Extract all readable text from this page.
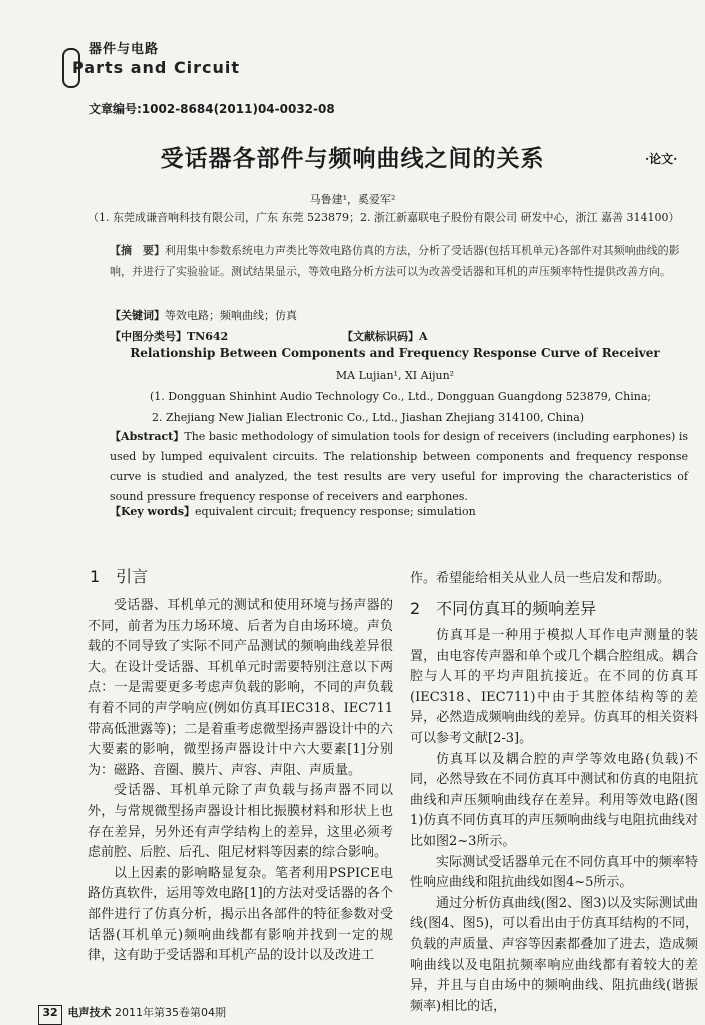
器件与电路
Parts and Circuit
文章编号:1002-8684(2011)04-0032-08
受话器各部件与频响曲线之间的关系	·论文·
马鲁建¹，奚爱军²
（1. 东莞成谦音响科技有限公司，广东 东莞 523879；2. 浙江新嘉联电子股份有限公司 研发中心，浙江 嘉善 314100）
【摘　要】利用集中参数系统电力声类比等效电路仿真的方法，分析了受话器(包括耳机单元)各部件对其频响曲线的影响，并进行了实验验证。测试结果显示，等效电路分析方法可以为改善受话器和耳机的声压频率特性提供改善方向。
【关键词】等效电路；频响曲线；仿真
【中图分类号】TN642	【文献标识码】A
Relationship Between Components and Frequency Response Curve of Receiver
MA Lujian¹, XI Aijun²
(1. Dongguan Shinhint Audio Technology Co., Ltd., Dongguan Guangdong 523879, China;
2. Zhejiang New Jialian Electronic Co., Ltd., Jiashan Zhejiang 314100, China)
【Abstract】The basic methodology of simulation tools for design of receivers (including earphones) is used by lumped equivalent circuits. The relationship between components and frequency response curve is studied and analyzed, the test results are very useful for improving the characteristics of sound pressure frequency response of receivers and earphones.
【Key words】equivalent circuit; frequency response; simulation
1　引言

受话器、耳机单元的测试和使用环境与扬声器的不同，前者为压力场环境、后者为自由场环境。声负载的不同导致了实际不同产品测试的频响曲线差异很大。在设计受话器、耳机单元时需要特别注意以下两点：一是需要更多考虑声负载的影响，不同的声负载有着不同的声学响应(例如仿真耳IEC318、IEC711带高低泄露等)；二是着重考虑微型扬声器设计中的六大要素的影响，微型扬声器设计中六大要素[1]分别为：磁路、音圈、膜片、声容、声阻、声质量。

受话器、耳机单元除了声负载与扬声器不同以外，与常规微型扬声器设计相比振膜材料和形状上也存在差异，另外还有声学结构上的差异，这里必须考虑前腔、后腔、后孔、阻尼材料等因素的综合影响。

以上因素的影响略显复杂。笔者利用PSPICE电路仿真软件，运用等效电路[1]的方法对受话器的各个部件进行了仿真分析，揭示出各部件的特征参数对受话器(耳机单元)频响曲线都有影响并找到一定的规律，这有助于受话器和耳机产品的设计以及改进工

作。希望能给相关从业人员一些启发和帮助。
2　不同仿真耳的频响差异

仿真耳是一种用于模拟人耳作电声测量的装置，由电容传声器和单个或几个耦合腔组成。耦合腔与人耳的平均声阻抗接近。在不同的仿真耳(IEC318、IEC711)中由于其腔体结构等的差异，必然造成频响曲线的差异。仿真耳的相关资料可以参考文献[2-3]。

仿真耳以及耦合腔的声学等效电路(负载)不同，必然导致在不同仿真耳中测试和仿真的电阻抗曲线和声压频响曲线存在差异。利用等效电路(图1)仿真不同仿真耳的声压频响曲线与电阻抗曲线对比如图2~3所示。

实际测试受话器单元在不同仿真耳中的频率特性响应曲线和阻抗曲线如图4~5所示。

通过分析仿真曲线(图2、图3)以及实际测试曲线(图4、图5)，可以看出由于仿真耳结构的不同，负载的声质量、声容等因素都叠加了进去，造成频响曲线以及电阻抗频率响应曲线都有着较大的差异，并且与自由场中的频响曲线、阻抗曲线(谐振频率)相比的话，

32 电声技术 2011年第35卷第04期
